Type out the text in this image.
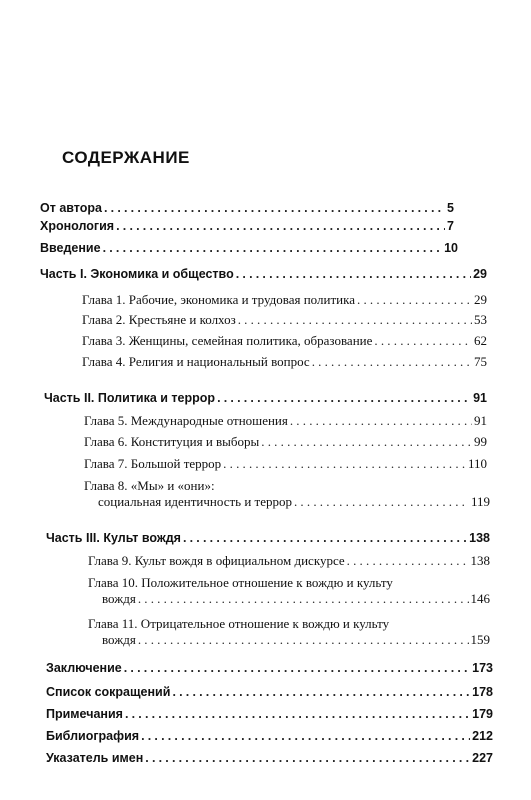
СОДЕРЖАНИЕ
От автора .....	5
Хронология .....	7
Введение .....	10
Часть I. Экономика и общество .....	29
Глава 1. Рабочие, экономика и трудовая политика .....	29
Глава 2. Крестьяне и колхоз .....	53
Глава 3. Женщины, семейная политика, образование .....	62
Глава 4. Религия и национальный вопрос .....	75
Часть II. Политика и террор .....	91
Глава 5. Международные отношения .....	91
Глава 6. Конституция и выборы .....	99
Глава 7. Большой террор .....	110
Глава 8. «Мы» и «они»:
социальная идентичность и террор .....	119
Часть III. Культ вождя .....	138
Глава 9. Культ вождя в официальном дискурсе .....	138
Глава 10. Положительное отношение к вождю и культу
вождя .....	146
Глава 11. Отрицательное отношение к вождю и культу
вождя .....	159
Заключение .....	173
Список сокращений .....	178
Примечания .....	179
Библиография .....	212
Указатель имен .....	227
